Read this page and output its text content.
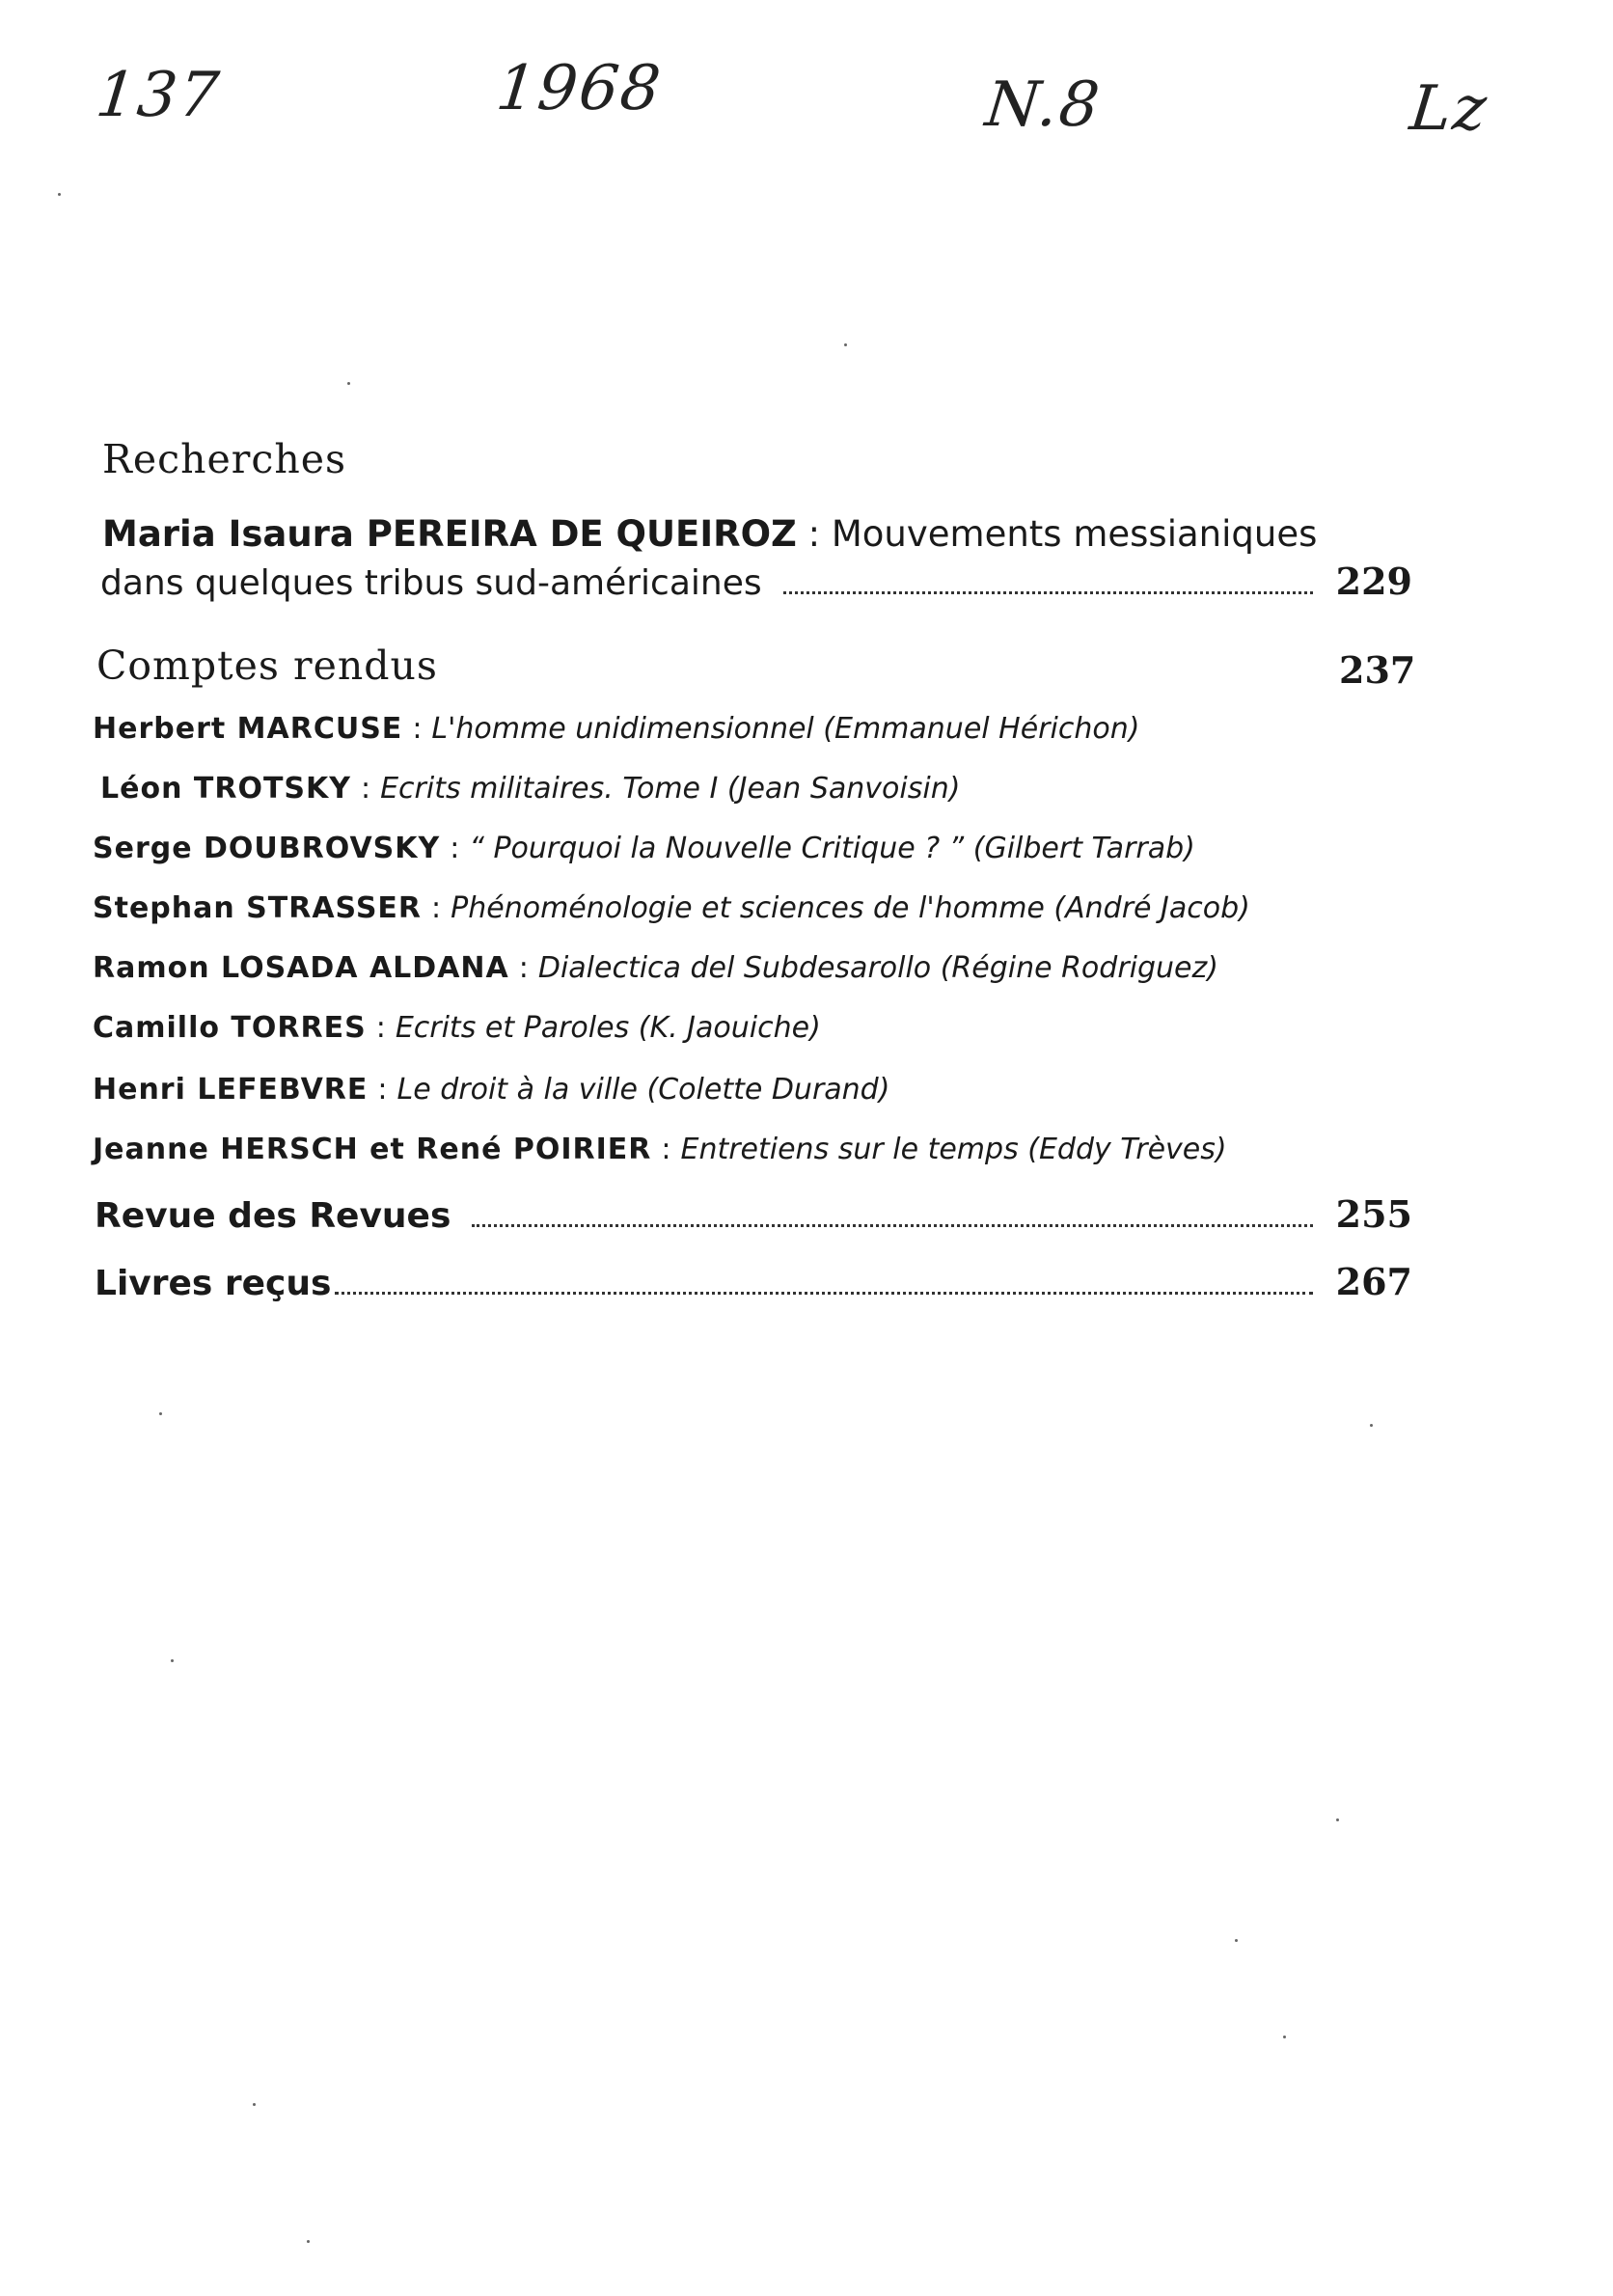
137	1968	N.8	Lz
Recherches
Maria Isaura PEREIRA DE QUEIROZ : Mouvements messianiques
dans quelques tribus sud-américaines	229
Comptes rendus	237
Herbert MARCUSE : L'homme unidimensionnel (Emmanuel Hérichon)
Léon TROTSKY : Ecrits militaires. Tome I (Jean Sanvoisin)
Serge DOUBROVSKY : “ Pourquoi la Nouvelle Critique ? ” (Gilbert Tarrab)
Stephan STRASSER : Phénoménologie et sciences de l'homme (André Jacob)
Ramon LOSADA ALDANA : Dialectica del Subdesarollo (Régine Rodriguez)
Camillo TORRES : Ecrits et Paroles (K. Jaouiche)
Henri LEFEBVRE : Le droit à la ville (Colette Durand)
Jeanne HERSCH et René POIRIER : Entretiens sur le temps (Eddy Trèves)
Revue des Revues	255
Livres reçus	267
